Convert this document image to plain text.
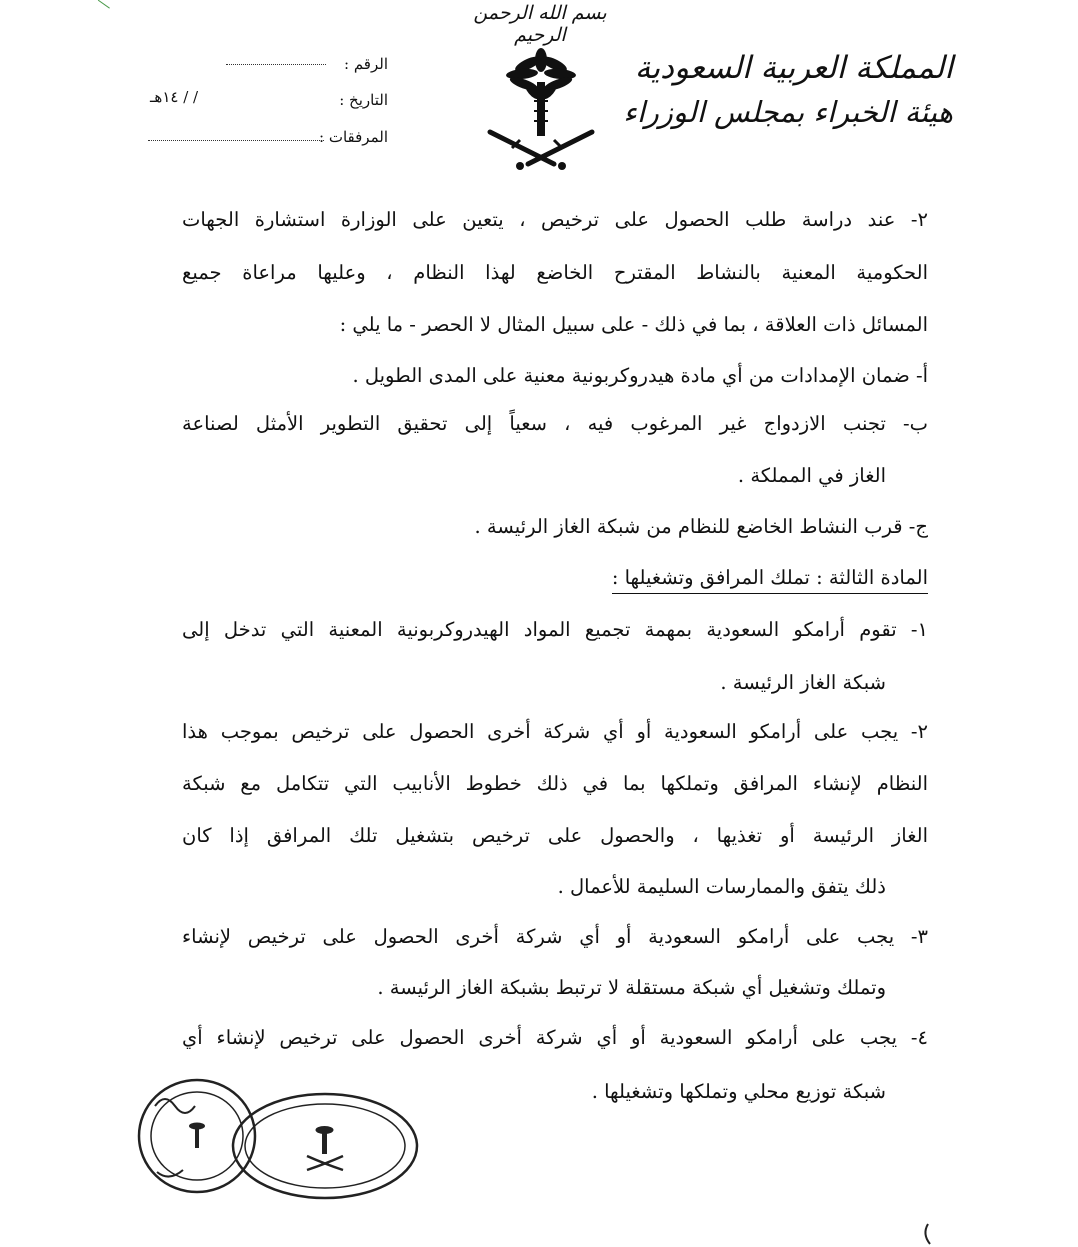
بسم الله الرحمن الرحيم
المملكة العربية السعودية
هيئة الخبراء بمجلس الوزراء
الرقم :
التاريخ :
/ / ١٤هـ
المرفقات :
٢- عند دراسة طلب الحصول على ترخيص ، يتعين على الوزارة استشارة الجهات
الحكومية المعنية بالنشاط المقترح الخاضع لهذا النظام ، وعليها مراعاة جميع
المسائل ذات العلاقة ، بما في ذلك - على سبيل المثال لا الحصر - ما يلي :
أ- ضمان الإمدادات من أي مادة هيدروكربونية معنية على المدى الطويل .
ب- تجنب الازدواج غير المرغوب فيه ، سعياً إلى تحقيق التطوير الأمثل لصناعة
الغاز في المملكة .
ج- قرب النشاط الخاضع للنظام من شبكة الغاز الرئيسة .
المادة الثالثة : تملك المرافق وتشغيلها :
١- تقوم أرامكو السعودية بمهمة تجميع المواد الهيدروكربونية المعنية التي تدخل إلى
شبكة الغاز الرئيسة .
٢- يجب على أرامكو السعودية أو أي شركة أخرى الحصول على ترخيص بموجب هذا
النظام لإنشاء المرافق وتملكها بما في ذلك خطوط الأنابيب التي تتكامل مع شبكة
الغاز الرئيسة أو تغذيها ، والحصول على ترخيص بتشغيل تلك المرافق إذا كان
ذلك يتفق والممارسات السليمة للأعمال .
٣- يجب على أرامكو السعودية أو أي شركة أخرى الحصول على ترخيص لإنشاء
وتملك وتشغيل أي شبكة مستقلة لا ترتبط بشبكة الغاز الرئيسة .
٤- يجب على أرامكو السعودية أو أي شركة أخرى الحصول على ترخيص لإنشاء أي
شبكة توزيع محلي وتملكها وتشغيلها .
